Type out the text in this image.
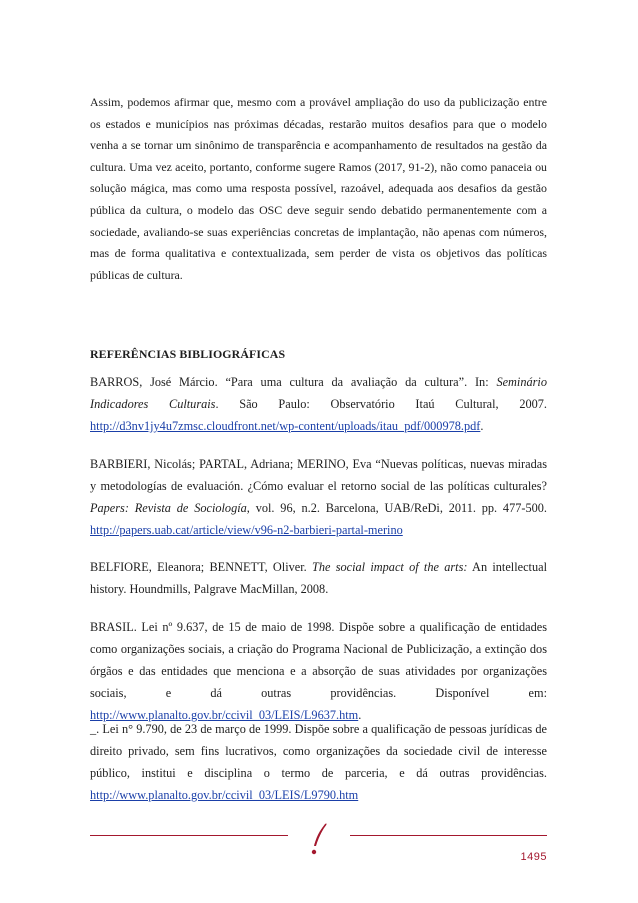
Assim, podemos afirmar que, mesmo com a provável ampliação do uso da publicização entre os estados e municípios nas próximas décadas, restarão muitos desafios para que o modelo venha a se tornar um sinônimo de transparência e acompanhamento de resultados na gestão da cultura. Uma vez aceito, portanto, conforme sugere Ramos (2017, 91-2), não como panaceia ou solução mágica, mas como uma resposta possível, razoável, adequada aos desafios da gestão pública da cultura, o modelo das OSC deve seguir sendo debatido permanentemente com a sociedade, avaliando-se suas experiências concretas de implantação, não apenas com números, mas de forma qualitativa e contextualizada, sem perder de vista os objetivos das políticas públicas de cultura.

REFERÊNCIAS BIBLIOGRÁFICAS

BARROS, José Márcio. “Para uma cultura da avaliação da cultura”. In: Seminário Indicadores Culturais. São Paulo: Observatório Itaú Cultural, 2007. http://d3nv1jy4u7zmsc.cloudfront.net/wp-content/uploads/itau_pdf/000978.pdf.

BARBIERI, Nicolás; PARTAL, Adriana; MERINO, Eva “Nuevas políticas, nuevas miradas y metodologías de evaluación. ¿Cómo evaluar el retorno social de las políticas culturales? Papers: Revista de Sociología, vol. 96, n.2. Barcelona, UAB/ReDi, 2011. pp. 477-500. http://papers.uab.cat/article/view/v96-n2-barbieri-partal-merino

BELFIORE, Eleanora; BENNETT, Oliver. The social impact of the arts: An intellectual history. Houndmills, Palgrave MacMillan, 2008.

BRASIL. Lei nº 9.637, de 15 de maio de 1998. Dispõe sobre a qualificação de entidades como organizações sociais, a criação do Programa Nacional de Publicização, a extinção dos órgãos e das entidades que menciona e a absorção de suas atividades por organizações sociais, e dá outras providências. Disponível em: http://www.planalto.gov.br/ccivil_03/LEIS/L9637.htm.

_. Lei n° 9.790, de 23 de março de 1999. Dispõe sobre a qualificação de pessoas jurídicas de direito privado, sem fins lucrativos, como organizações da sociedade civil de interesse público, institui e disciplina o termo de parceria, e dá outras providências. http://www.planalto.gov.br/ccivil_03/LEIS/L9790.htm

1495
